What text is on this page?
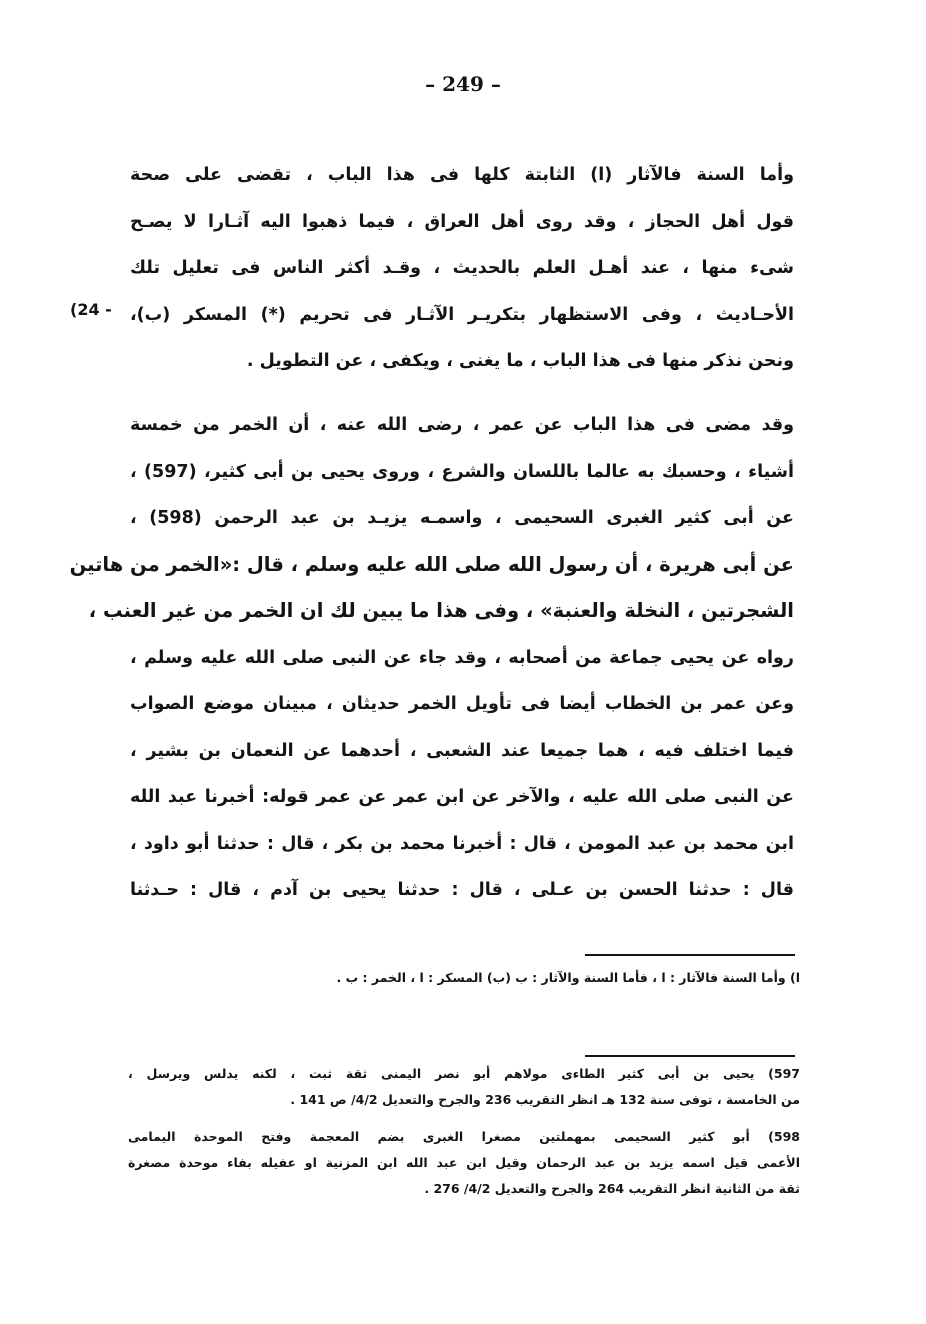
– 249 –
وأما السنة فالآثار (ا) الثابتة كلها فى هذا الباب ، تقضى على صحة
قول أهل الحجاز ، وقد روى أهل العراق ، فيما ذهبوا اليه آثـارا لا يصـح
شىء منها ، عند أهـل العلم بالحديث ، وقـد أكثر الناس فى تعليل تلك
الأحـاديث ، وفى الاستظهار بتكريـر الآثـار فى تحريم (*) المسكر (ب)،
ونحن نذكر منها فى هذا الباب ، ما يغنى ، ويكفى ، عن التطويل .
(24 -
وقد مضى فى هذا الباب عن عمر ، رضى الله عنه ، أن الخمر من خمسة
أشياء ، وحسبك به عالما باللسان والشرع ، وروى يحيى بن أبى كثير، (597) ،
عن أبى كثير الغبرى السحيمى ، واسمـه يزيـد بن عبد الرحمن (598) ،
عن أبى هريرة ، أن رسول الله صلى الله عليه وسلم ، قال :«الخمر من هاتين
الشجرتين ، النخلة والعنبة» ، وفى هذا ما يبين لك ان الخمر من غير العنب ،
رواه عن يحيى جماعة من أصحابه ، وقد جاء عن النبى صلى الله عليه وسلم ،
وعن عمر بن الخطاب أيضا فى تأويل الخمر حديثان ، مبينان موضع الصواب
فيما اختلف فيه ، هما جميعا عند الشعبى ، أحدهما عن النعمان بن بشير ،
عن النبى صلى الله عليه ، والآخر عن ابن عمر عن عمر قوله: أخبرنا عبد الله
ابن محمد بن عبد المومن ، قال : أخبرنا محمد بن بكر ، قال : حدثنا أبو داود ،
قال : حدثنا الحسن بن عـلى ، قال : حدثنا يحيى بن آدم ، قال : حـدثنا
ا) وأما السنة فالآثار : ا ، فأما السنة والآثار : ب (ب) المسكر : ا ، الخمر : ب .
597) يحيى بن أبى كثير الطاءى مولاهم أبو نصر اليمنى ثقة ثبت ، لكنه يدلس ويرسل ،
من الخامسة ، توفى سنة 132 هـ انظر التقريب 236 والجرح والتعديل 4/2/ ص 141 .
598) أبو كثير السحيمى بمهملتين مصغرا الغبرى بضم المعجمة وفتح الموحدة اليمامى
الأعمى قيل اسمه يزيد بن عبد الرحمان وقيل ابن عبد الله ابن المزنية او عفيله بفاء موحدة مصغرة
ثقة من الثانية انظر التقريب 264 والجرح والتعديل 4/2/ 276 .
